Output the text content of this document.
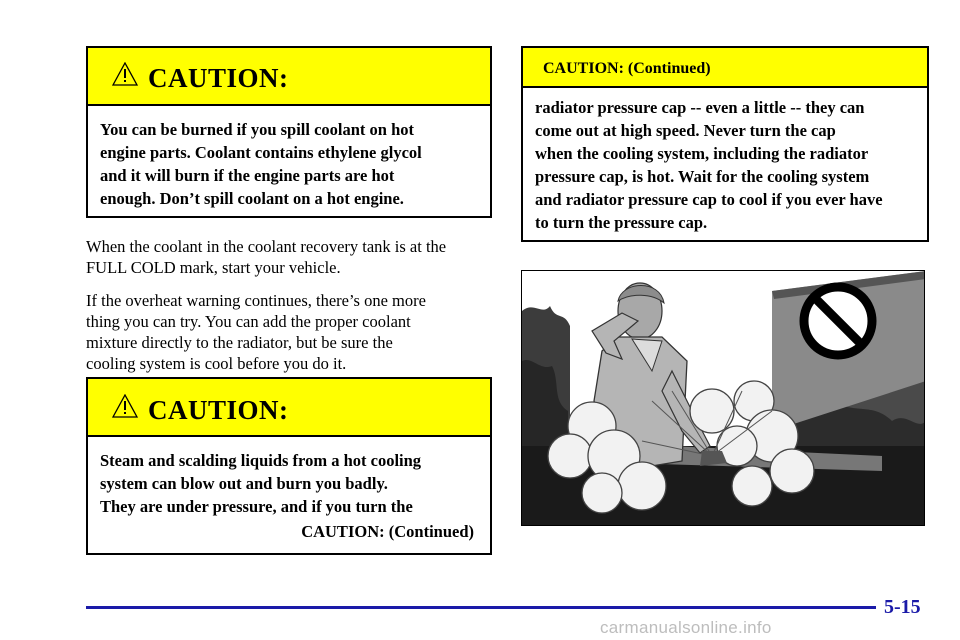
CAUTION:
You can be burned if you spill coolant on hot
engine parts. Coolant contains ethylene glycol
and it will burn if the engine parts are hot
enough. Don’t spill coolant on a hot engine.
When the coolant in the coolant recovery tank is at the
FULL COLD mark, start your vehicle.
If the overheat warning continues, there’s one more
thing you can try. You can add the proper coolant
mixture directly to the radiator, but be sure the
cooling system is cool before you do it.
CAUTION:
Steam and scalding liquids from a hot cooling
system can blow out and burn you badly.
They are under pressure, and if you turn the
CAUTION: (Continued)
CAUTION: (Continued)
radiator pressure cap -- even a little -- they can
come out at high speed. Never turn the cap
when the cooling system, including the radiator
pressure cap, is hot. Wait for the cooling system
and radiator pressure cap to cool if you ever have
to turn the pressure cap.
5-15
carmanualsonline.info
